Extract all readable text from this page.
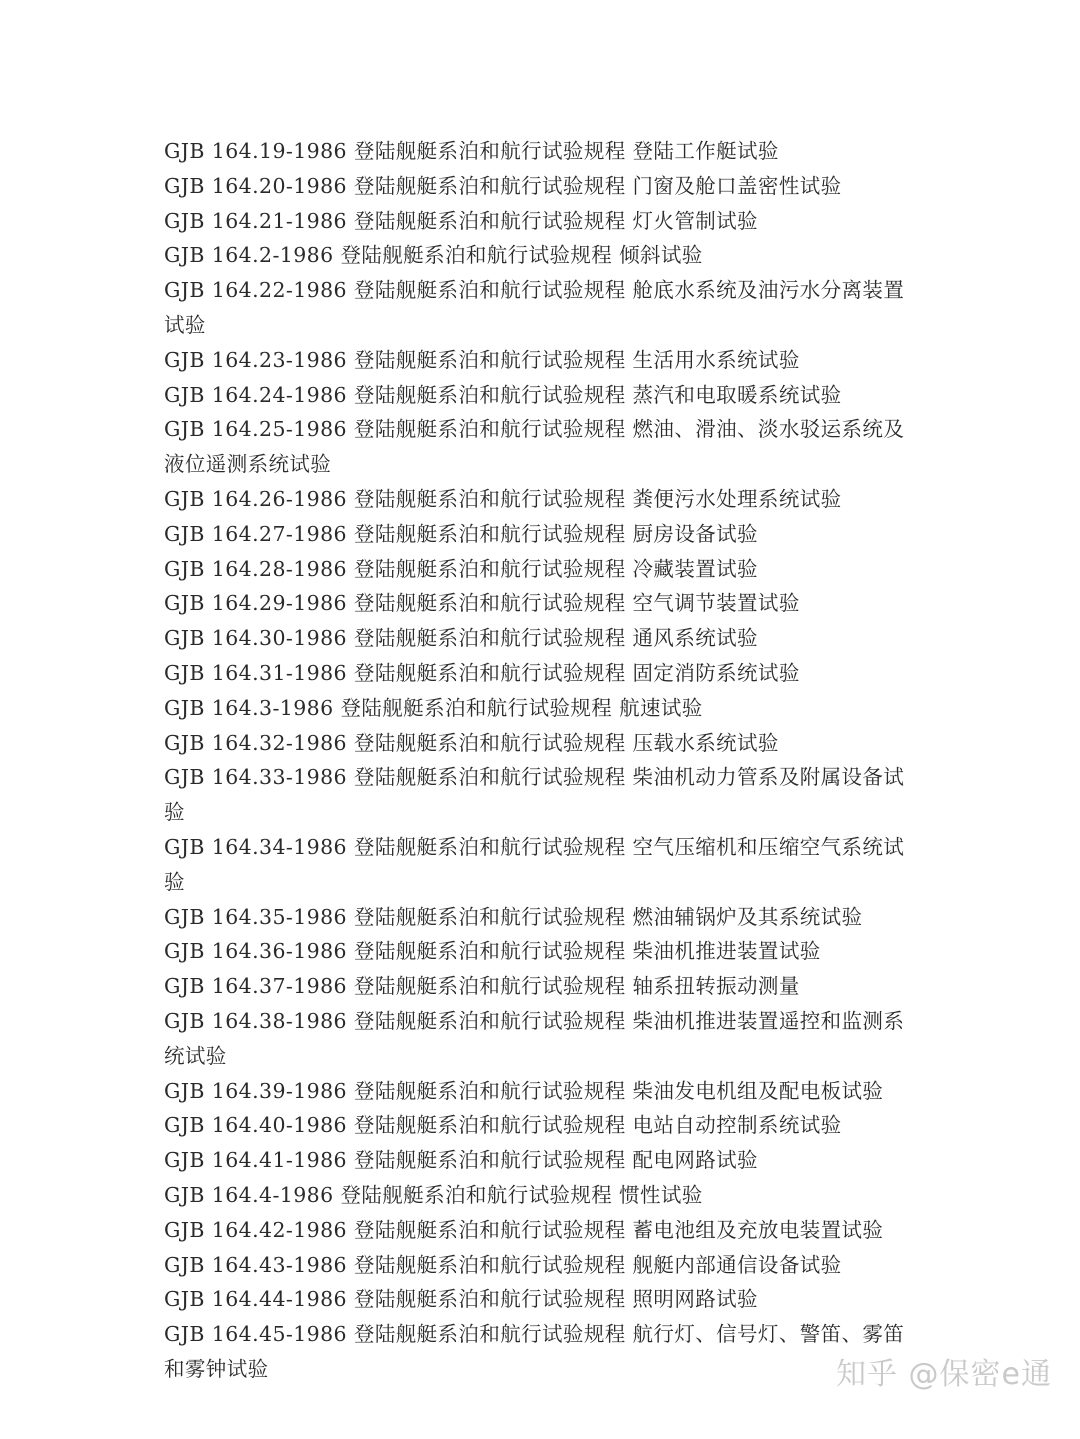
GJB 164.19-1986 登陆舰艇系泊和航行试验规程 登陆工作艇试验
GJB 164.20-1986 登陆舰艇系泊和航行试验规程 门窗及舱口盖密性试验
GJB 164.21-1986 登陆舰艇系泊和航行试验规程 灯火管制试验
GJB 164.2-1986 登陆舰艇系泊和航行试验规程 倾斜试验
GJB 164.22-1986 登陆舰艇系泊和航行试验规程 舱底水系统及油污水分离装置试验
GJB 164.23-1986 登陆舰艇系泊和航行试验规程 生活用水系统试验
GJB 164.24-1986 登陆舰艇系泊和航行试验规程 蒸汽和电取暖系统试验
GJB 164.25-1986 登陆舰艇系泊和航行试验规程 燃油、滑油、淡水驳运系统及液位遥测系统试验
GJB 164.26-1986 登陆舰艇系泊和航行试验规程 粪便污水处理系统试验
GJB 164.27-1986 登陆舰艇系泊和航行试验规程 厨房设备试验
GJB 164.28-1986 登陆舰艇系泊和航行试验规程 冷藏装置试验
GJB 164.29-1986 登陆舰艇系泊和航行试验规程 空气调节装置试验
GJB 164.30-1986 登陆舰艇系泊和航行试验规程 通风系统试验
GJB 164.31-1986 登陆舰艇系泊和航行试验规程 固定消防系统试验
GJB 164.3-1986 登陆舰艇系泊和航行试验规程 航速试验
GJB 164.32-1986 登陆舰艇系泊和航行试验规程 压载水系统试验
GJB 164.33-1986 登陆舰艇系泊和航行试验规程 柴油机动力管系及附属设备试验
GJB 164.34-1986 登陆舰艇系泊和航行试验规程 空气压缩机和压缩空气系统试验
GJB 164.35-1986 登陆舰艇系泊和航行试验规程 燃油辅锅炉及其系统试验
GJB 164.36-1986 登陆舰艇系泊和航行试验规程 柴油机推进装置试验
GJB 164.37-1986 登陆舰艇系泊和航行试验规程 轴系扭转振动测量
GJB 164.38-1986 登陆舰艇系泊和航行试验规程 柴油机推进装置遥控和监测系统试验
GJB 164.39-1986 登陆舰艇系泊和航行试验规程 柴油发电机组及配电板试验
GJB 164.40-1986 登陆舰艇系泊和航行试验规程 电站自动控制系统试验
GJB 164.41-1986 登陆舰艇系泊和航行试验规程 配电网路试验
GJB 164.4-1986 登陆舰艇系泊和航行试验规程 惯性试验
GJB 164.42-1986 登陆舰艇系泊和航行试验规程 蓄电池组及充放电装置试验
GJB 164.43-1986 登陆舰艇系泊和航行试验规程 舰艇内部通信设备试验
GJB 164.44-1986 登陆舰艇系泊和航行试验规程 照明网路试验
GJB 164.45-1986 登陆舰艇系泊和航行试验规程 航行灯、信号灯、警笛、雾笛和雾钟试验	知乎 @保密e通
